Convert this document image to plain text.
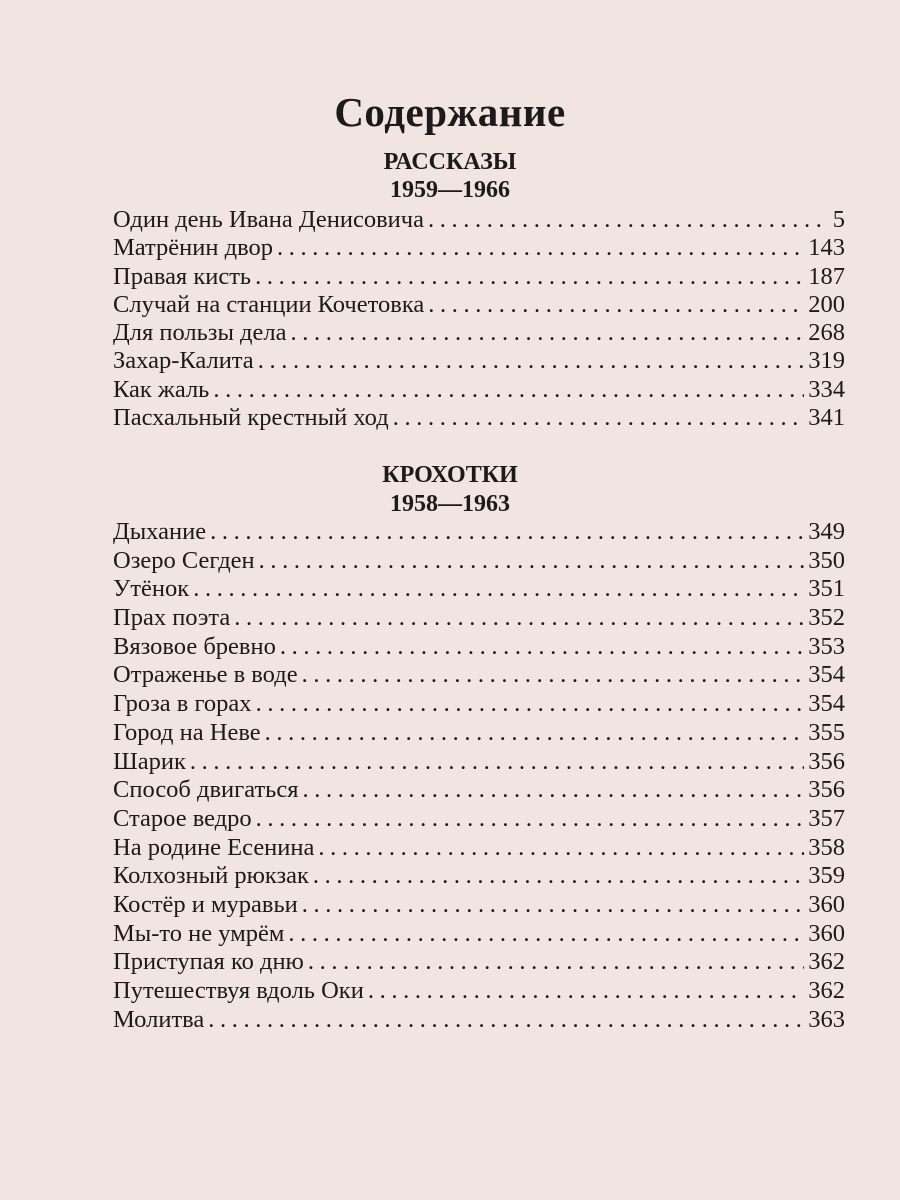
Содержание
РАССКАЗЫ
1959—1966
Один день Ивана Денисовича . . .	5
Матрёнин двор . . .	143
Правая кисть . . .	187
Случай на станции Кочетовка . . .	200
Для пользы дела . . .	268
Захар-Калита . . .	319
Как жаль . . .	334
Пасхальный крестный ход . . .	341
КРОХОТКИ
1958—1963
Дыхание . . .	349
Озеро Сегден . . .	350
Утёнок . . .	351
Прах поэта . . .	352
Вязовое бревно . . .	353
Отраженье в воде . . .	354
Гроза в горах . . .	354
Город на Неве . . .	355
Шарик . . .	356
Способ двигаться . . .	356
Старое ведро . . .	357
На родине Есенина . . .	358
Колхозный рюкзак . . .	359
Костёр и муравьи . . .	360
Мы-то не умрём . . .	360
Приступая ко дню . . .	362
Путешествуя вдоль Оки . . .	362
Молитва . . .	363
